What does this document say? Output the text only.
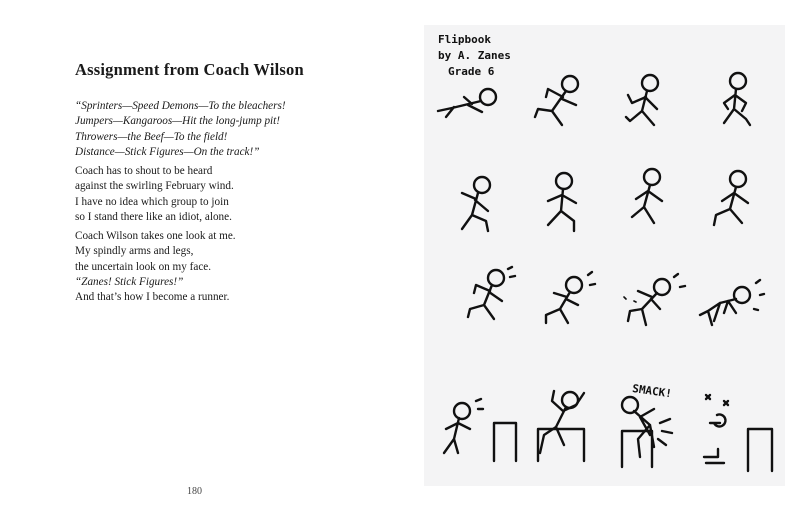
Assignment from Coach Wilson
“Sprinters—Speed Demons—To the bleachers!
Jumpers—Kangaroos—Hit the long-jump pit!
Throwers—the Beef—To the field!
Distance—Stick Figures—On the track!”
Coach has to shout to be heard
against the swirling February wind.
I have no idea which group to join
so I stand there like an idiot, alone.
Coach Wilson takes one look at me.
My spindly arms and legs,
the uncertain look on my face.
“Zanes! Stick Figures!”
And that’s how I become a runner.
180
Flipbook
by A. Zanes
Grade 6
SMACK!
